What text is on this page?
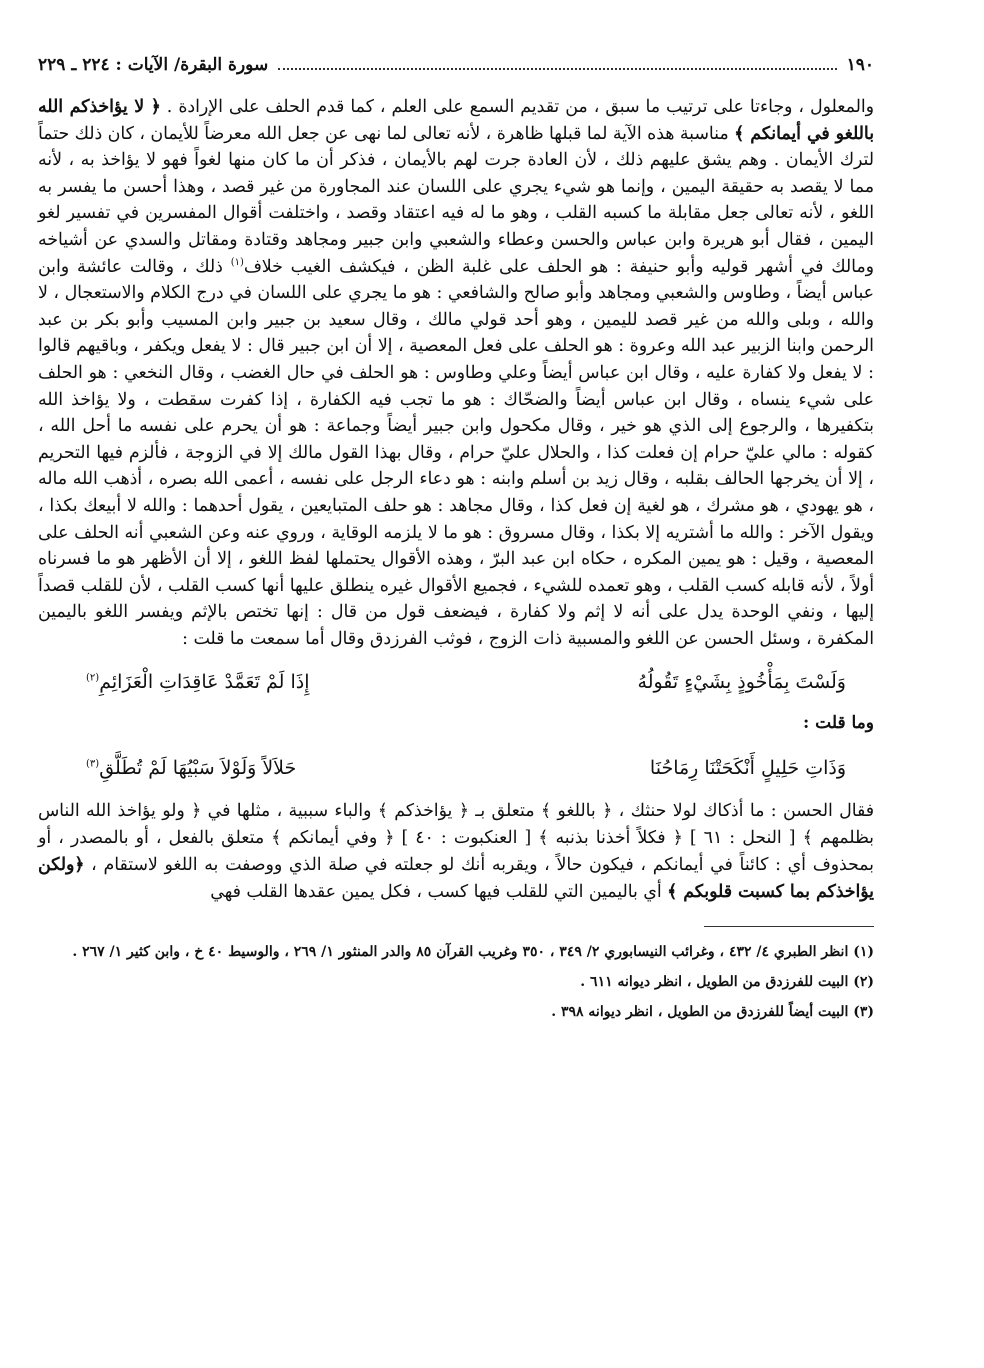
١٩٠
سورة البقرة/ الآيات : ٢٢٤ ـ ٢٢٩

والمعلول ، وجاءتا على ترتيب ما سبق ، من تقديم السمع على العلم ، كما قدم الحلف على الإرادة . ﴿ لا يؤاخذكم الله باللغو في أيمانكم ﴾ مناسبة هذه الآية لما قبلها ظاهرة ، لأنه تعالى لما نهى عن جعل الله معرضاً للأيمان ، كان ذلك حتماً لترك الأيمان . وهم يشق عليهم ذلك ، لأن العادة جرت لهم بالأيمان ، فذكر أن ما كان منها لغواً فهو لا يؤاخذ به ، لأنه مما لا يقصد به حقيقة اليمين ، وإنما هو شيء يجري على اللسان عند المجاورة من غير قصد ، وهذا أحسن ما يفسر به اللغو ، لأنه تعالى جعل مقابلة ما كسبه القلب ، وهو ما له فيه اعتقاد وقصد ، واختلفت أقوال المفسرين في تفسير لغو اليمين ، فقال أبو هريرة وابن عباس والحسن وعطاء والشعبي وابن جبير ومجاهد وقتادة ومقاتل والسدي عن أشياخه ومالك في أشهر قوليه وأبو حنيفة : هو الحلف على غلبة الظن ، فيكشف الغيب خلاف$^{(١)}$ ذلك ، وقالت عائشة وابن عباس أيضاً ، وطاوس والشعبي ومجاهد وأبو صالح والشافعي : هو ما يجري على اللسان في درج الكلام والاستعجال ، لا والله ، وبلى والله من غير قصد لليمين ، وهو أحد قولي مالك ، وقال سعيد بن جبير وابن المسيب وأبو بكر بن عبد الرحمن وابنا الزبير عبد الله وعروة : هو الحلف على فعل المعصية ، إلا أن ابن جبير قال : لا يفعل ويكفر ، وباقيهم قالوا : لا يفعل ولا كفارة عليه ، وقال ابن عباس أيضاً وعلي وطاوس : هو الحلف في حال الغضب ، وقال النخعي : هو الحلف على شيء ينساه ، وقال ابن عباس أيضاً والضحّاك : هو ما تجب فيه الكفارة ، إذا كفرت سقطت ، ولا يؤاخذ الله بتكفيرها ، والرجوع إلى الذي هو خير ، وقال مكحول وابن جبير أيضاً وجماعة : هو أن يحرم على نفسه ما أحل الله ، كقوله : مالي عليّ حرام إن فعلت كذا ، والحلال عليّ حرام ، وقال بهذا القول مالك إلا في الزوجة ، فألزم فيها التحريم ، إلا أن يخرجها الحالف بقلبه ، وقال زيد بن أسلم وابنه : هو دعاء الرجل على نفسه ، أعمى الله بصره ، أذهب الله ماله ، هو يهودي ، هو مشرك ، هو لغية إن فعل كذا ، وقال مجاهد : هو حلف المتبايعين ، يقول أحدهما : والله لا أبيعك بكذا ، ويقول الآخر : والله ما أشتريه إلا بكذا ، وقال مسروق : هو ما لا يلزمه الوقاية ، وروي عنه وعن الشعبي أنه الحلف على المعصية ، وقيل : هو يمين المكره ، حكاه ابن عبد البرّ ، وهذه الأقوال يحتملها لفظ اللغو ، إلا أن الأظهر هو ما فسرناه أولاً ، لأنه قابله كسب القلب ، وهو تعمده للشيء ، فجميع الأقوال غيره ينطلق عليها أنها كسب القلب ، لأن للقلب قصداً إليها ، ونفي الوحدة يدل على أنه لا إثم ولا كفارة ، فيضعف قول من قال : إنها تختص بالإثم ويفسر اللغو باليمين المكفرة ، وسئل الحسن عن اللغو والمسبية ذات الزوج ، فوثب الفرزدق وقال أما سمعت ما قلت :

وَلَسْتَ بِمَأْخُوذٍ بِشَيْءٍ تَقُولُهُ
إِذَا لَمْ تَعَمَّدْ عَاقِدَاتِ الْعَزَائِمِ$^{(٢)}$
وما قلت :
وَذَاتِ حَلِيلٍ أَنْكَحَتْنَا رِمَاحُنَا
حَلاَلاً وَلَوْلاَ سَبْيُهَا لَمْ تُطَلَّقِ$^{(٣)}$
فقال الحسن : ما أذكاك لولا حنثك ، ﴿ باللغو ﴾ متعلق بـ ﴿ يؤاخذكم ﴾ والباء سببية ، مثلها في ﴿ ولو يؤاخذ الله الناس بظلمهم ﴾ [ النحل : ٦١ ] ﴿ فكلاً أخذنا بذنبه ﴾ [ العنكبوت : ٤٠ ] ﴿ وفي أيمانكم ﴾ متعلق بالفعل ، أو بالمصدر ، أو بمحذوف أي : كائناً في أيمانكم ، فيكون حالاً ، ويقربه أنك لو جعلته في صلة الذي ووصفت به اللغو لاستقام ، ﴿ولكن يؤاخذكم بما كسبت قلوبكم ﴾ أي باليمين التي للقلب فيها كسب ، فكل يمين عقدها القلب فهي

(١) انظر الطبري ٤/ ٤٣٢ ، وغرائب النيسابوري ٢/ ٣٤٩ ، ٣٥٠ وغريب القرآن ٨٥ والدر المنثور ١/ ٢٦٩ ، والوسيط ٤٠ خ ، وابن كثير ١/ ٢٦٧ .

(٢) البيت للفرزدق من الطويل ، انظر ديوانه ٦١١ .

(٣) البيت أيضاً للفرزدق من الطويل ، انظر ديوانه ٣٩٨ .
